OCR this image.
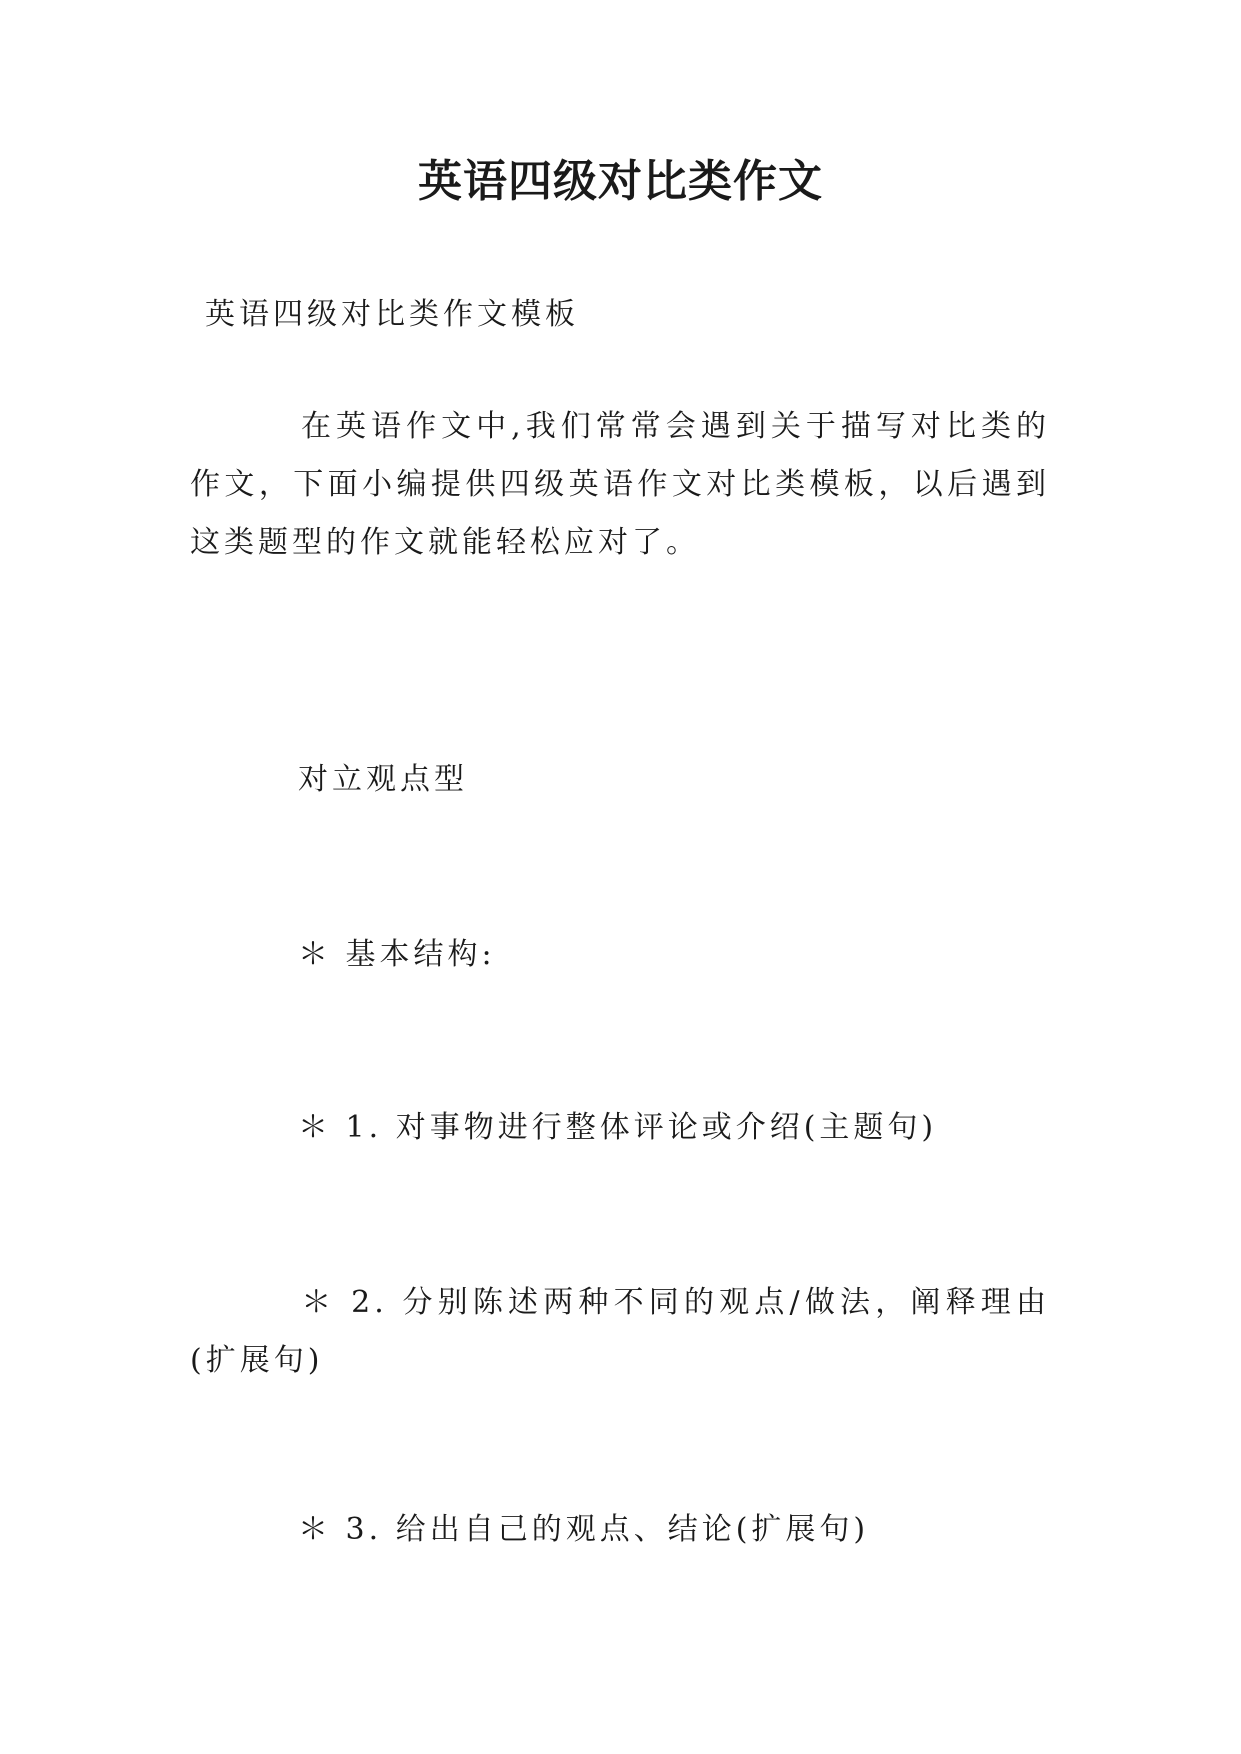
英语四级对比类作文

英语四级对比类作文模板

在英语作文中,我们常常会遇到关于描写对比类的作文，下面小编提供四级英语作文对比类模板，以后遇到这类题型的作文就能轻松应对了。

对立观点型

＊ 基本结构:

＊ 1. 对事物进行整体评论或介绍(主题句)

＊ 2. 分别陈述两种不同的观点/做法，阐释理由(扩展句)

＊ 3. 给出自己的观点、结论(扩展句)
